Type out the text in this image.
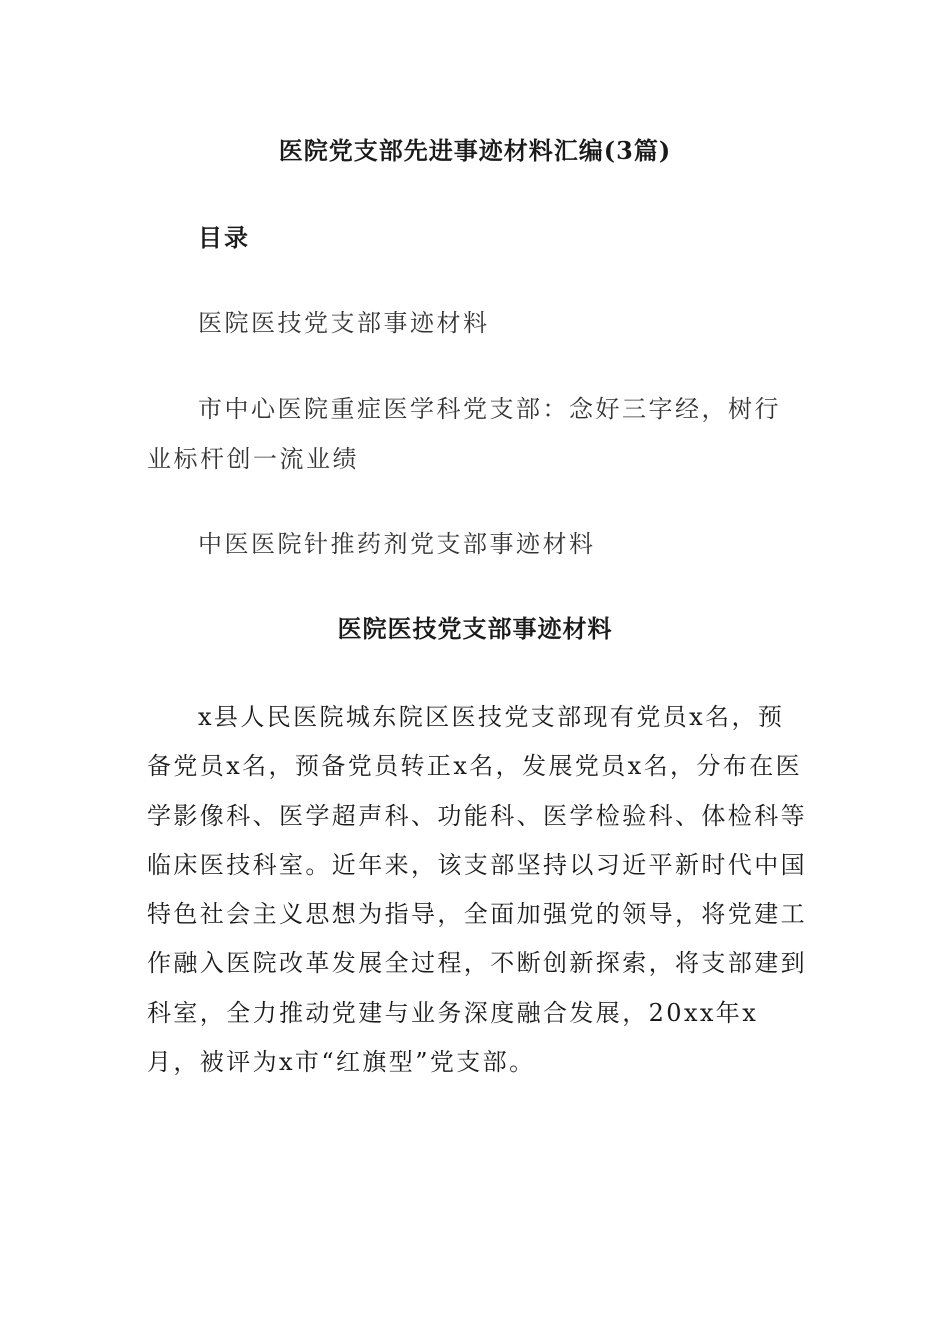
医院党支部先进事迹材料汇编(3篇)
目录

医院医技党支部事迹材料

市中心医院重症医学科党支部：念好三字经，树行业标杆创一流业绩

中医医院针推药剂党支部事迹材料

医院医技党支部事迹材料

x县人民医院城东院区医技党支部现有党员x名，预备党员x名，预备党员转正x名，发展党员x名，分布在医学影像科、医学超声科、功能科、医学检验科、体检科等临床医技科室。近年来，该支部坚持以习近平新时代中国特色社会主义思想为指导，全面加强党的领导，将党建工作融入医院改革发展全过程，不断创新探索，将支部建到科室，全力推动党建与业务深度融合发展，20xx年x月，被评为x市“红旗型”党支部。
